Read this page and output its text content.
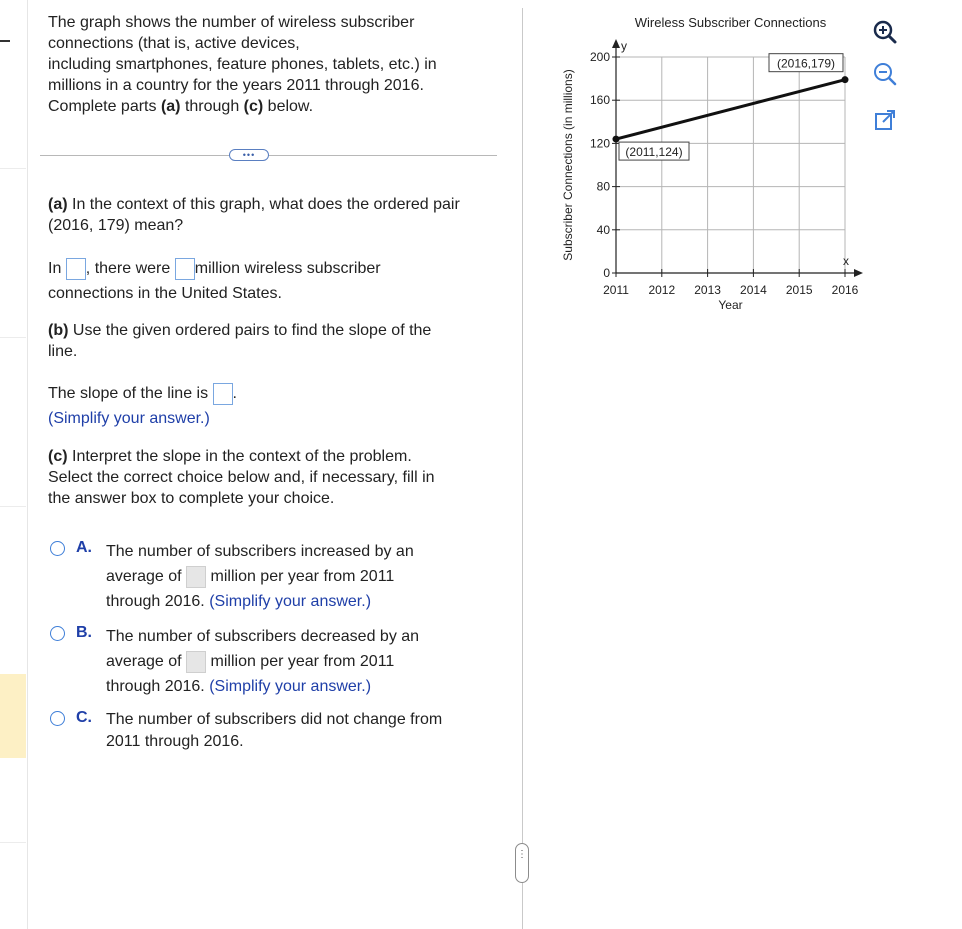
The graph shows the number of wireless subscriber
connections (that is, active devices,
including smartphones, feature phones, tablets, etc.) in
millions in a country for the years 2011 through 2016.
Complete parts (a) through (c) below.

•••
(a) In the context of this graph, what does the ordered pair
(2016, 179) mean?
In , there were million wireless subscriber
connections in the United States.
(b) Use the given ordered pairs to find the slope of the
line.
The slope of the line is .
(Simplify your answer.)
(c) Interpret the slope in the context of the problem.
Select the correct choice below and, if necessary, fill in
the answer box to complete your choice.
A. The number of subscribers increased by an
average of million per year from 2011
through 2016. (Simplify your answer.)
B. The number of subscribers decreased by an
average of million per year from 2011
through 2016. (Simplify your answer.)
C. The number of subscribers did not change from
2011 through 2016.
⋮
Wireless Subscriber Connections
y
x
0
40
80
120
160
200
2011 2012 2013 2014 2015 2016
Year
Subscriber Connections (in millions)	(2011,124)
(2016,179)
